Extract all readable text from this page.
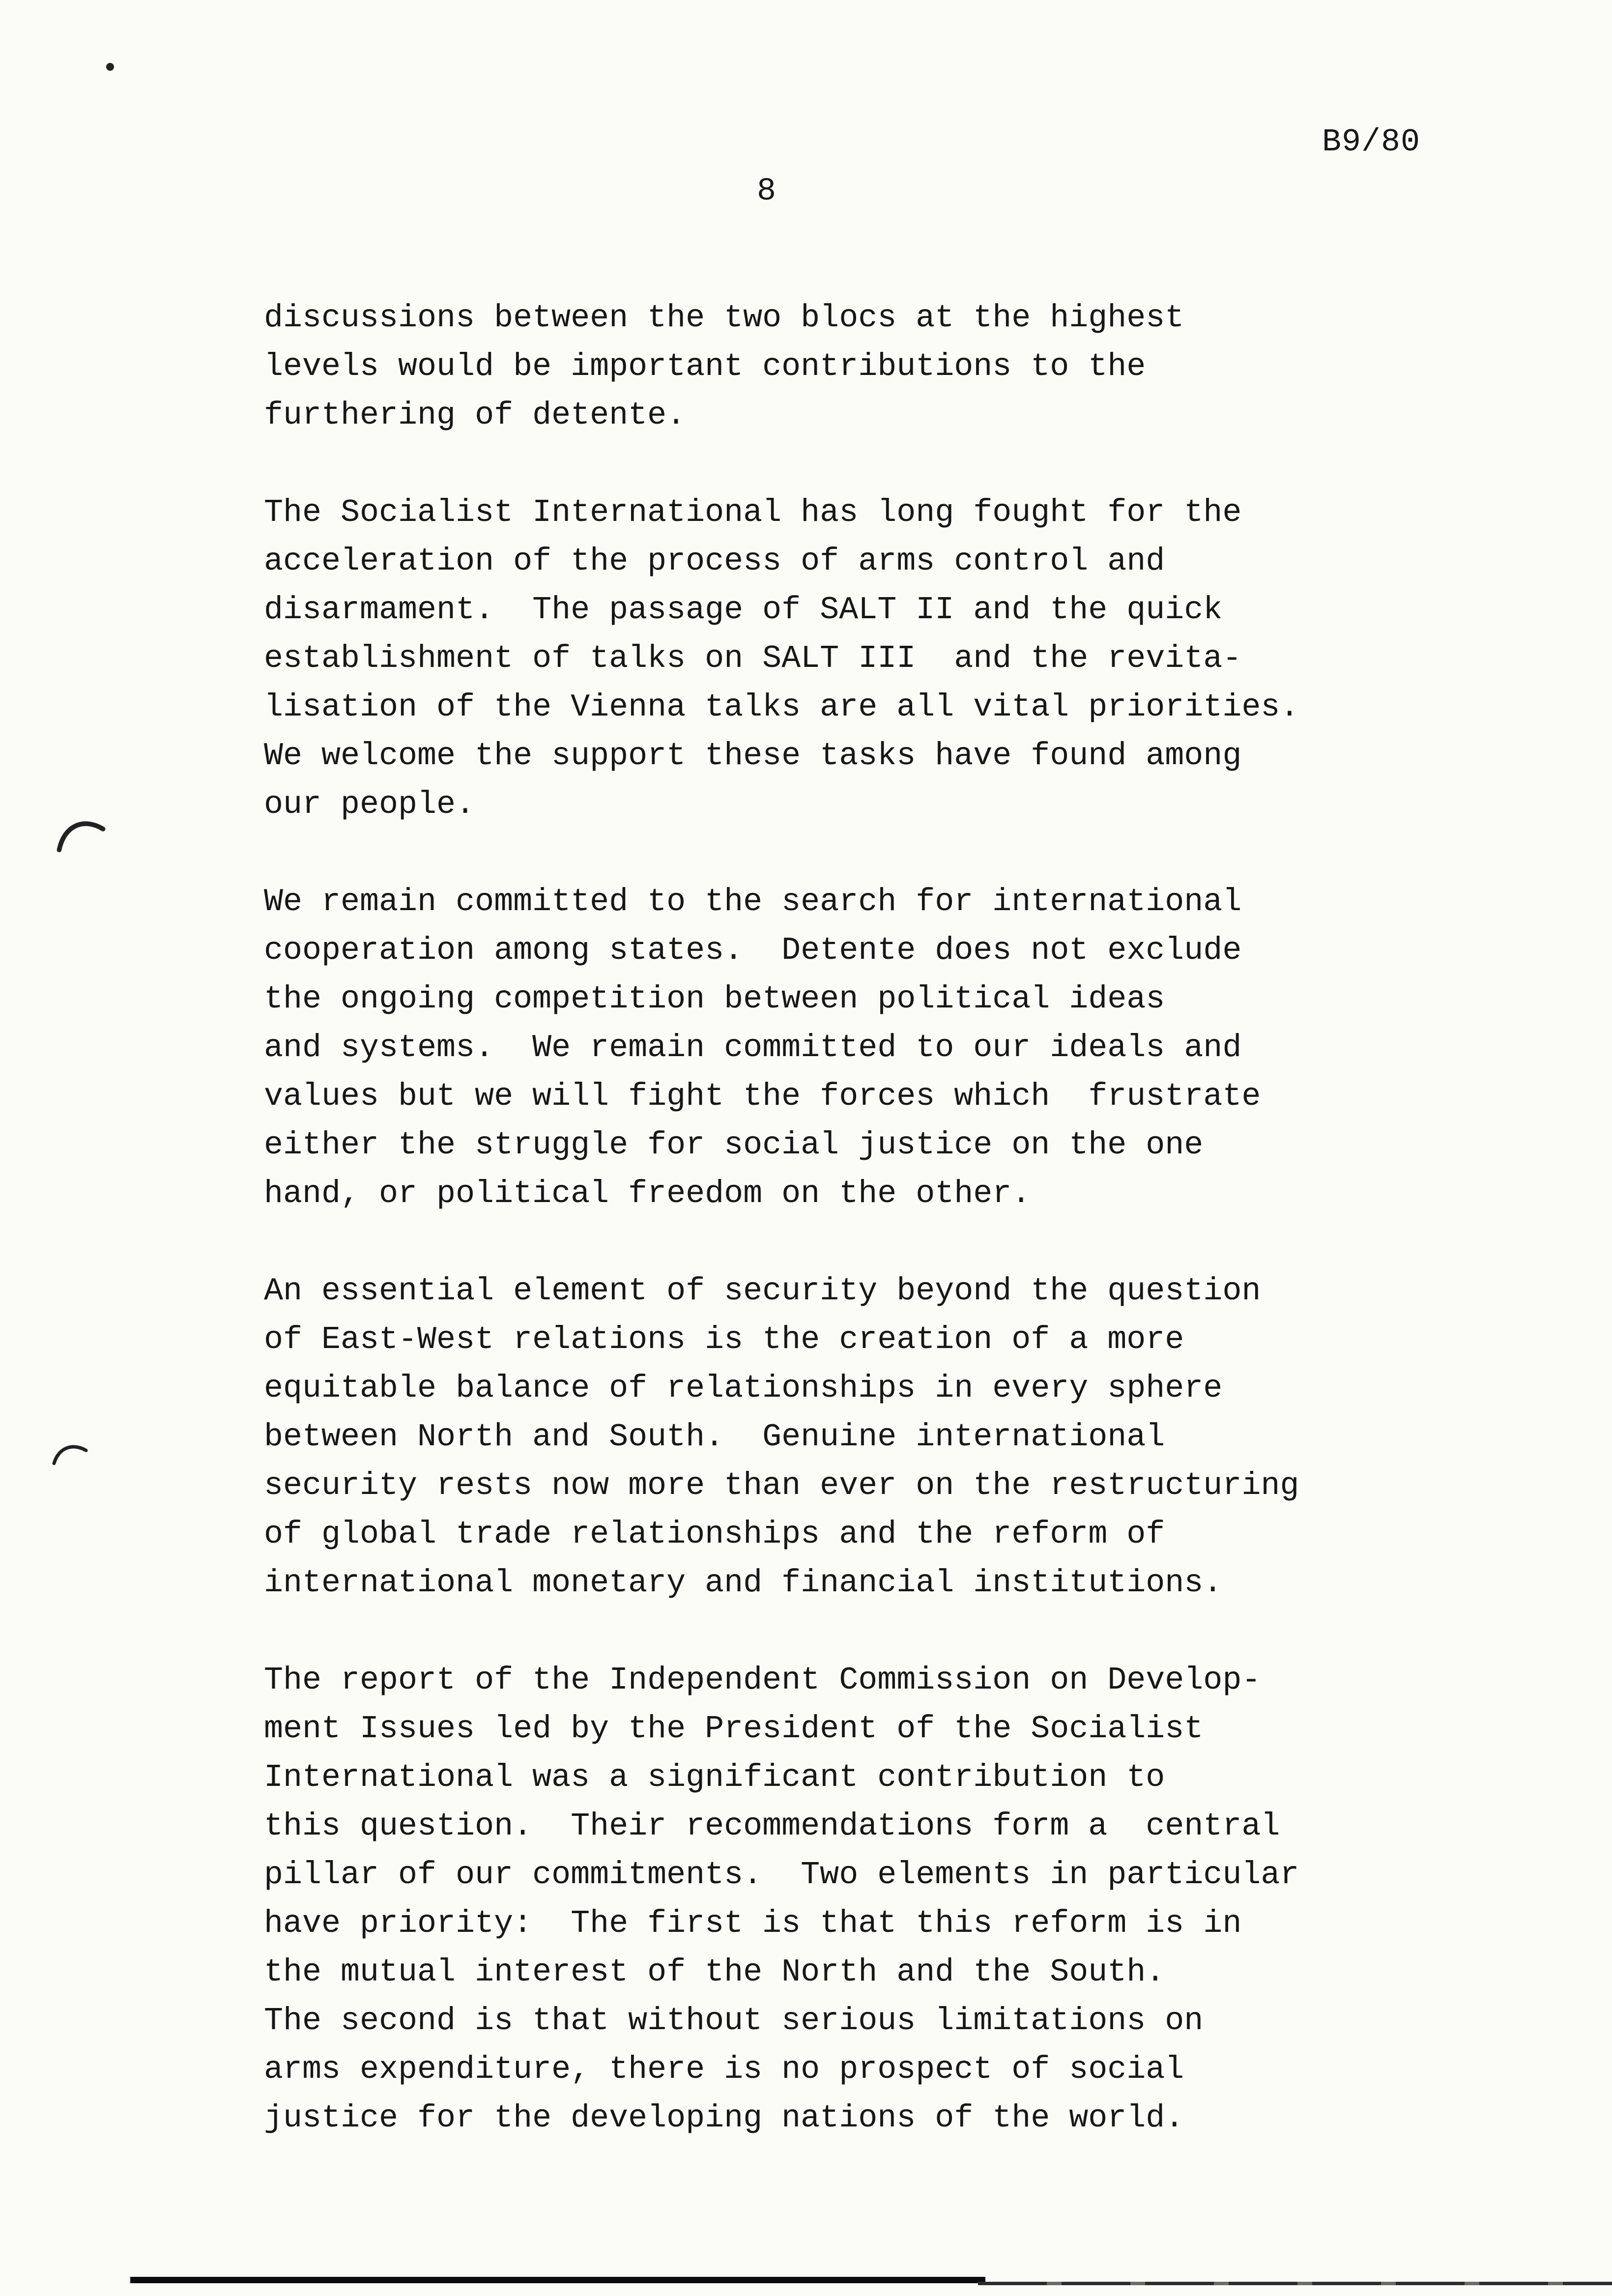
B9/80
8
discussions between the two blocs at the highest
levels would be important contributions to the
furthering of detente.
The Socialist International has long fought for the
acceleration of the process of arms control and
disarmament.  The passage of SALT II and the quick
establishment of talks on SALT III  and the revita-
lisation of the Vienna talks are all vital priorities.
We welcome the support these tasks have found among
our people.
We remain committed to the search for international
cooperation among states.  Detente does not exclude
the ongoing competition between political ideas
and systems.  We remain committed to our ideals and
values but we will fight the forces which  frustrate
either the struggle for social justice on the one
hand, or political freedom on the other.
An essential element of security beyond the question
of East-West relations is the creation of a more
equitable balance of relationships in every sphere
between North and South.  Genuine international
security rests now more than ever on the restructuring
of global trade relationships and the reform of
international monetary and financial institutions.
The report of the Independent Commission on Develop-
ment Issues led by the President of the Socialist
International was a significant contribution to
this question.  Their recommendations form a  central
pillar of our commitments.  Two elements in particular
have priority:  The first is that this reform is in
the mutual interest of the North and the South.
The second is that without serious limitations on
arms expenditure, there is no prospect of social
justice for the developing nations of the world.
